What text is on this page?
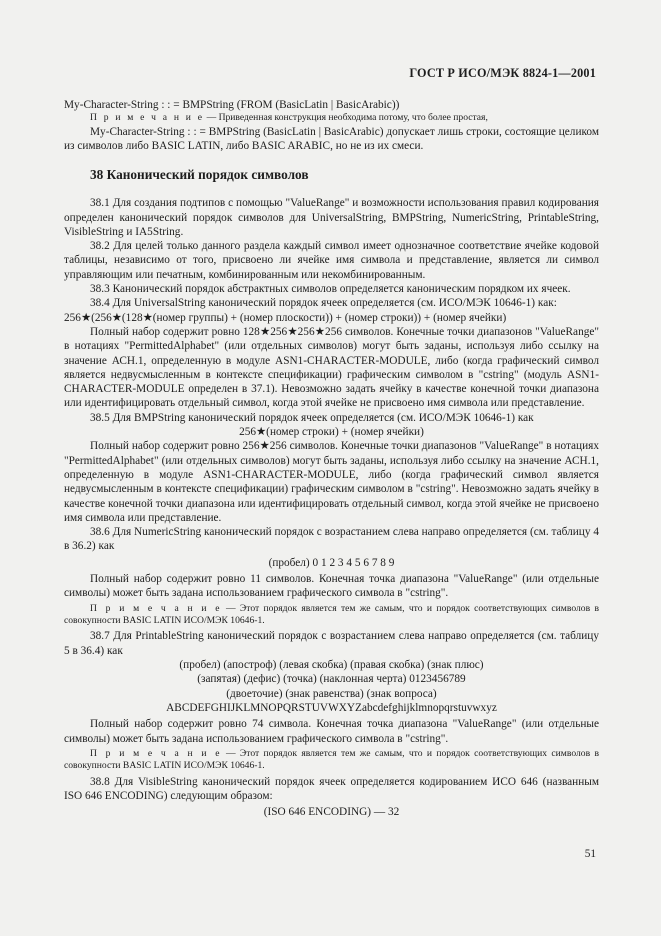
ГОСТ Р ИСО/МЭК 8824-1—2001

My-Character-String : : = BMPString (FROM (BasicLatin | BasicArabic))

П р и м е ч а н и е — Приведенная конструкция необходима потому, что более простая,

My-Character-String : : = BMPString (BasicLatin | BasicArabic) допускает лишь строки, состоящие целиком из символов либо BASIC LATIN, либо BASIC ARABIC, но не из их смеси.

38 Канонический порядок символов

38.1 Для создания подтипов с помощью "ValueRange" и возможности использования правил кодирования определен канонический порядок символов для UniversalString, BMPString, NumericString, PrintableString, VisibleString и IA5String.

38.2 Для целей только данного раздела каждый символ имеет однозначное соответствие ячейке кодовой таблицы, независимо от того, присвоено ли ячейке имя символа и представление, является ли символ управляющим или печатным, комбинированным или некомбинированным.

38.3 Канонический порядок абстрактных символов определяется каноническим порядком их ячеек.

38.4 Для UniversalString канонический порядок ячеек определяется (см. ИСО/МЭК 10646-1) как:

256★(256★(128★(номер группы) + (номер плоскости)) + (номер строки)) + (номер ячейки)

Полный набор содержит ровно 128★256★256★256 символов. Конечные точки диапазонов "ValueRange" в нотациях "PermittedAlphabet" (или отдельных символов) могут быть заданы, используя либо ссылку на значение АСН.1, определенную в модуле ASN1-CHARACTER-MODULE, либо (когда графический символ является недвусмысленным в контексте спецификации) графическим символом в "cstring" (модуль ASN1-CHARACTER-MODULE определен в 37.1). Невозможно задать ячейку в качестве конечной точки диапазона или идентифицировать отдельный символ, когда этой ячейке не присвоено имя символа или представление.

38.5 Для BMPString канонический порядок ячеек определяется (см. ИСО/МЭК 10646-1) как

256★(номер строки) + (номер ячейки)

Полный набор содержит ровно 256★256 символов. Конечные точки диапазонов "ValueRange" в нотациях "PermittedAlphabet" (или отдельных символов) могут быть заданы, используя либо ссылку на значение АСН.1, определенную в модуле ASN1-CHARACTER-MODULE, либо (когда графический символ является недвусмысленным в контексте спецификации) графическим символом в "cstring". Невозможно задать ячейку в качестве конечной точки диапазона или идентифицировать отдельный символ, когда этой ячейке не присвоено имя символа или представление.

38.6 Для NumericString канонический порядок с возрастанием слева направо определяется (см. таблицу 4 в 36.2) как

(пробел) 0 1 2 3 4 5 6 7 8 9

Полный набор содержит ровно 11 символов. Конечная точка диапазона "ValueRange" (или отдельные символы) может быть задана использованием графического символа в "cstring".

П р и м е ч а н и е — Этот порядок является тем же самым, что и порядок соответствующих символов в совокупности BASIC LATIN ИСО/МЭК 10646-1.

38.7 Для PrintableString канонический порядок с возрастанием слева направо определяется (см. таблицу 5 в 36.4) как

(пробел) (апостроф) (левая скобка) (правая скобка) (знак плюс)

(запятая) (дефис) (точка) (наклонная черта) 0123456789

(двоеточие) (знак равенства) (знак вопроса)

ABCDEFGHIJKLMNOPQRSTUVWXYZabcdefghijklmnopqrstuvwxyz

Полный набор содержит ровно 74 символа. Конечная точка диапазона "ValueRange" (или отдельные символы) может быть задана использованием графического символа в "cstring".

П р и м е ч а н и е — Этот порядок является тем же самым, что и порядок соответствующих символов в совокупности BASIC LATIN ИСО/МЭК 10646-1.

38.8 Для VisibleString канонический порядок ячеек определяется кодированием ИСО 646 (названным ISO 646 ENCODING) следующим образом:

(ISO 646 ENCODING) — 32

51
